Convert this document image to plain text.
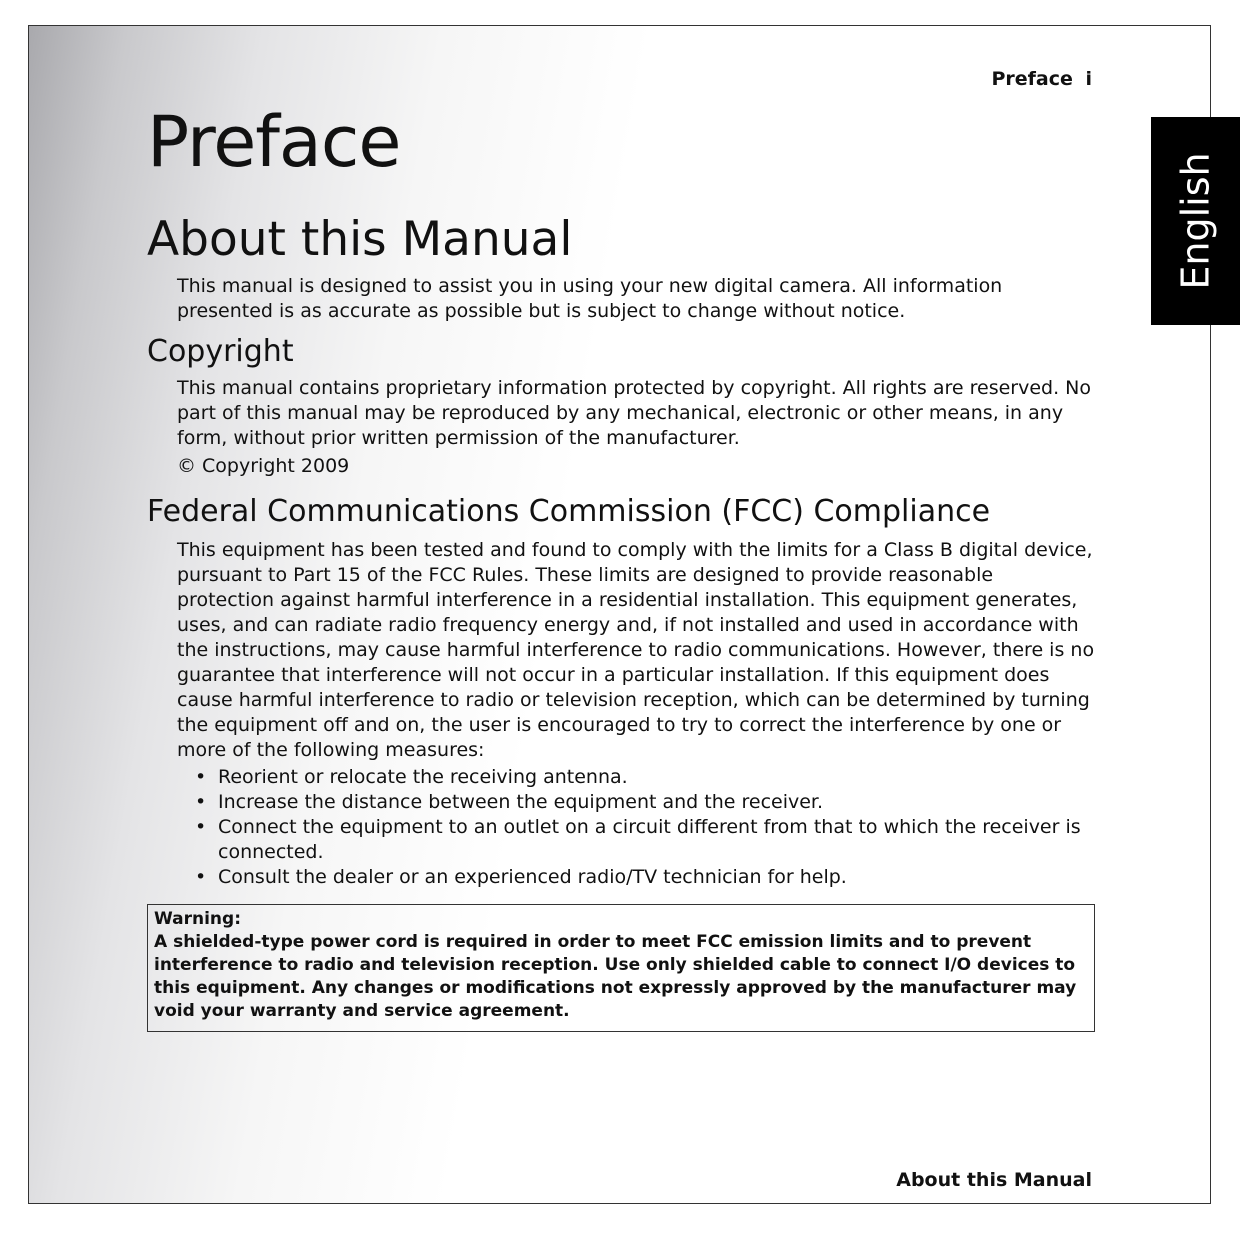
English
Preface i
Preface
About this Manual

This manual is designed to assist you in using your new digital camera. All information presented is as accurate as possible but is subject to change without notice.

Copyright

This manual contains proprietary information protected by copyright. All rights are reserved. No part of this manual may be reproduced by any mechanical, electronic or other means, in any form, without prior written permission of the manufacturer.

© Copyright 2009

Federal Communications Commission (FCC) Compliance

This equipment has been tested and found to comply with the limits for a Class B digital device, pursuant to Part 15 of the FCC Rules. These limits are designed to provide reasonable protection against harmful interference in a residential installation. This equipment generates, uses, and can radiate radio frequency energy and, if not installed and used in accordance with the instructions, may cause harmful interference to radio communications. However, there is no guarantee that interference will not occur in a particular installation. If this equipment does cause harmful interference to radio or television reception, which can be determined by turning the equipment off and on, the user is encouraged to try to correct the interference by one or more of the following measures:

• Reorient or relocate the receiving antenna.
• Increase the distance between the equipment and the receiver.
• Connect the equipment to an outlet on a circuit different from that to which the receiver is connected.
• Consult the dealer or an experienced radio/TV technician for help.
Warning:
A shielded-type power cord is required in order to meet FCC emission limits and to prevent interference to radio and television reception. Use only shielded cable to connect I/O devices to this equipment. Any changes or modifications not expressly approved by the manufacturer may void your warranty and service agreement.
About this Manual
